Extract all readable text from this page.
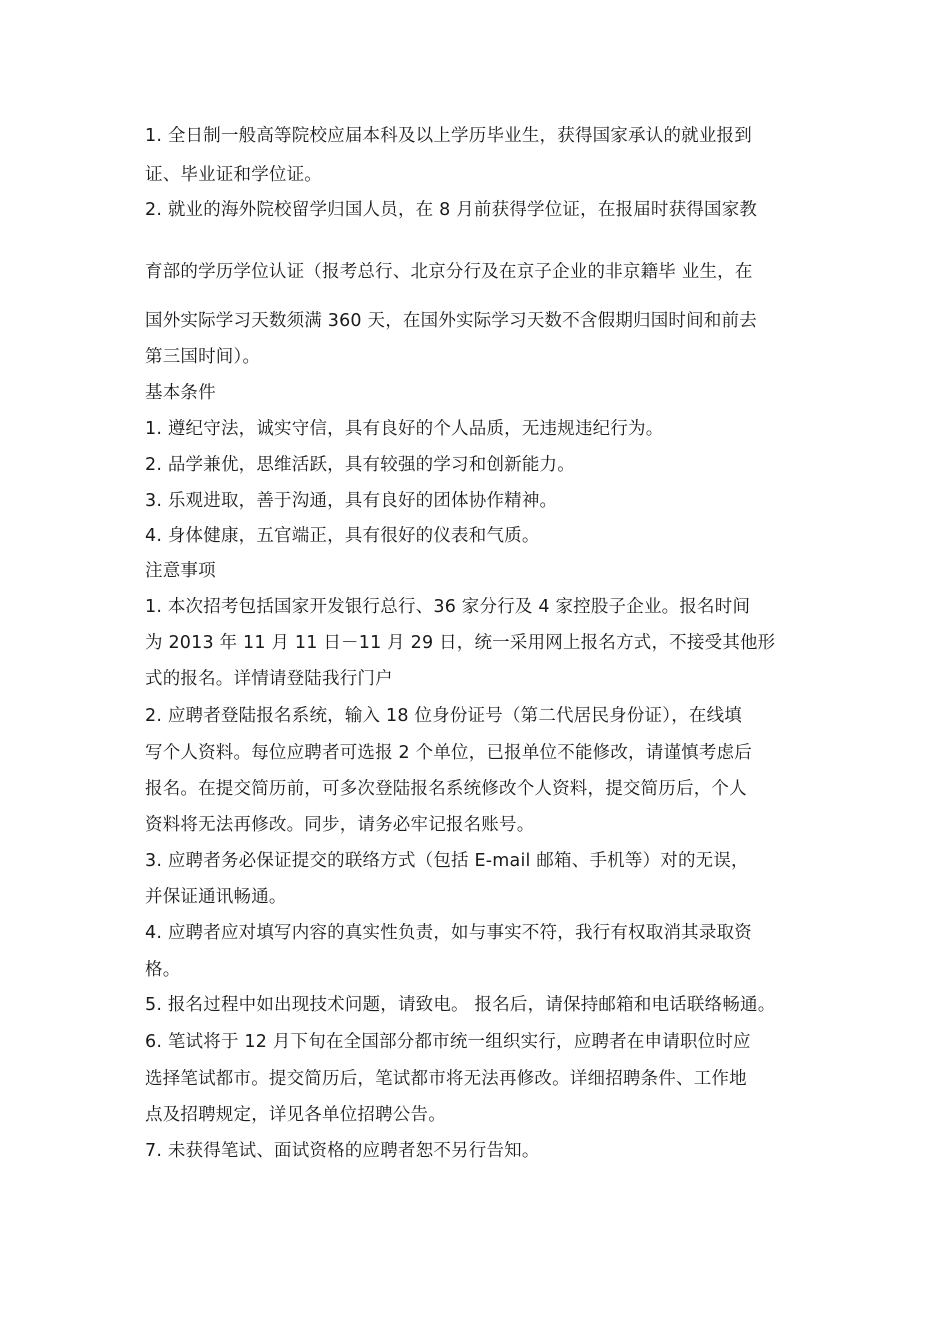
1. 全日制一般高等院校应届本科及以上学历毕业生，获得国家承认的就业报到
证、毕业证和学位证。
2. 就业的海外院校留学归国人员，在 8 月前获得学位证，在报届时获得国家教
育部的学历学位认证（报考总行、北京分行及在京子企业的非京籍毕 业生，在
国外实际学习天数须满 360 天，在国外实际学习天数不含假期归国时间和前去
第三国时间）。
基本条件
1. 遵纪守法，诚实守信，具有良好的个人品质，无违规违纪行为。
2. 品学兼优，思维活跃，具有较强的学习和创新能力。
3. 乐观进取，善于沟通，具有良好的团体协作精神。
4. 身体健康，五官端正，具有很好的仪表和气质。
注意事项
1. 本次招考包括国家开发银行总行、36 家分行及 4 家控股子企业。报名时间
为 2013 年 11 月 11 日－11 月 29 日，统一采用网上报名方式，不接受其他形
式的报名。详情请登陆我行门户
2. 应聘者登陆报名系统，输入 18 位身份证号（第二代居民身份证），在线填
写个人资料。每位应聘者可选报 2 个单位，已报单位不能修改，请谨慎考虑后
报名。在提交简历前，可多次登陆报名系统修改个人资料，提交简历后，个人
资料将无法再修改。同步，请务必牢记报名账号。
3. 应聘者务必保证提交的联络方式（包括 E-mail 邮箱、手机等）对的无误，
并保证通讯畅通。
4. 应聘者应对填写内容的真实性负责，如与事实不符，我行有权取消其录取资
格。
5. 报名过程中如出现技术问题，请致电。 报名后，请保持邮箱和电话联络畅通。
6. 笔试将于 12 月下旬在全国部分都市统一组织实行，应聘者在申请职位时应
选择笔试都市。提交简历后，笔试都市将无法再修改。详细招聘条件、工作地
点及招聘规定，详见各单位招聘公告。
7. 未获得笔试、面试资格的应聘者恕不另行告知。
